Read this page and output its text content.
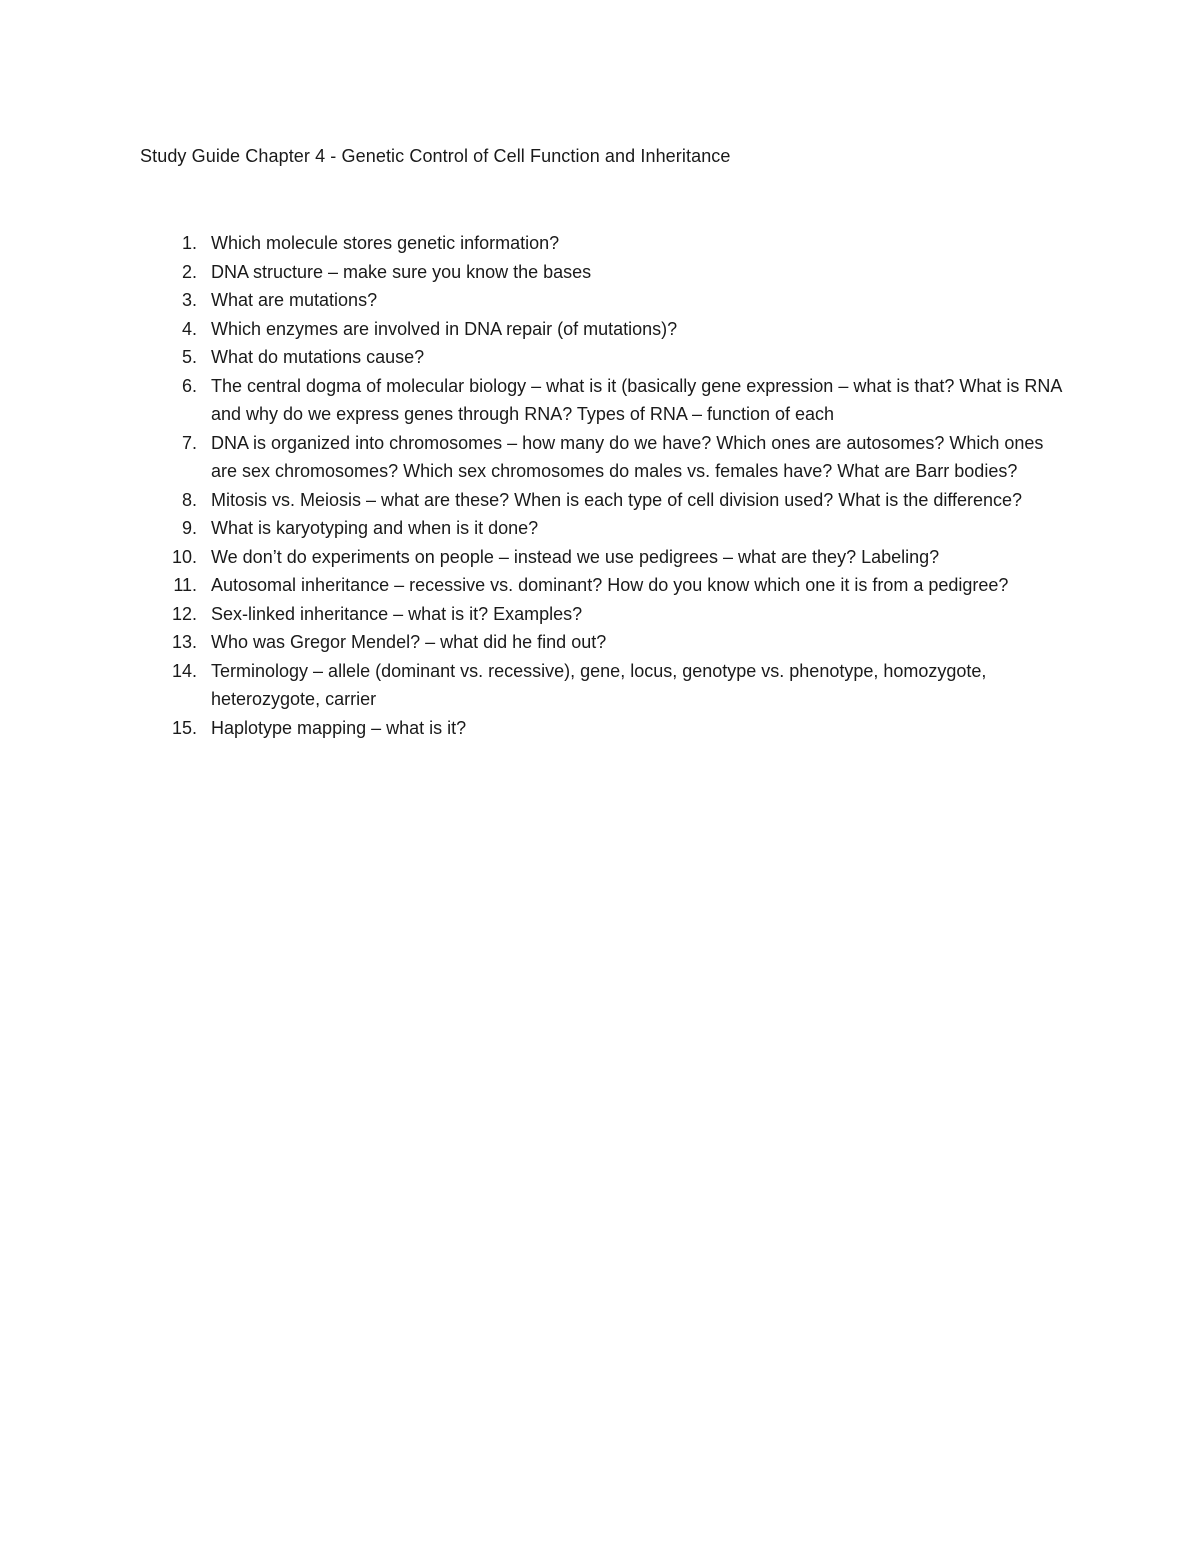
Study Guide Chapter 4 - Genetic Control of Cell Function and Inheritance
1. Which molecule stores genetic information?
2. DNA structure – make sure you know the bases
3. What are mutations?
4. Which enzymes are involved in DNA repair (of mutations)?
5. What do mutations cause?
6. The central dogma of molecular biology – what is it (basically gene expression – what is that? What is RNA and why do we express genes through RNA? Types of RNA – function of each
7. DNA is organized into chromosomes – how many do we have? Which ones are autosomes? Which ones are sex chromosomes? Which sex chromosomes do males vs. females have? What are Barr bodies?
8. Mitosis vs. Meiosis – what are these? When is each type of cell division used? What is the difference?
9. What is karyotyping and when is it done?
10. We don’t do experiments on people – instead we use pedigrees – what are they? Labeling?
11. Autosomal inheritance – recessive vs. dominant? How do you know which one it is from a pedigree?
12. Sex-linked inheritance – what is it? Examples?
13. Who was Gregor Mendel? – what did he find out?
14. Terminology – allele (dominant vs. recessive), gene, locus, genotype vs. phenotype, homozygote, heterozygote, carrier
15. Haplotype mapping – what is it?
